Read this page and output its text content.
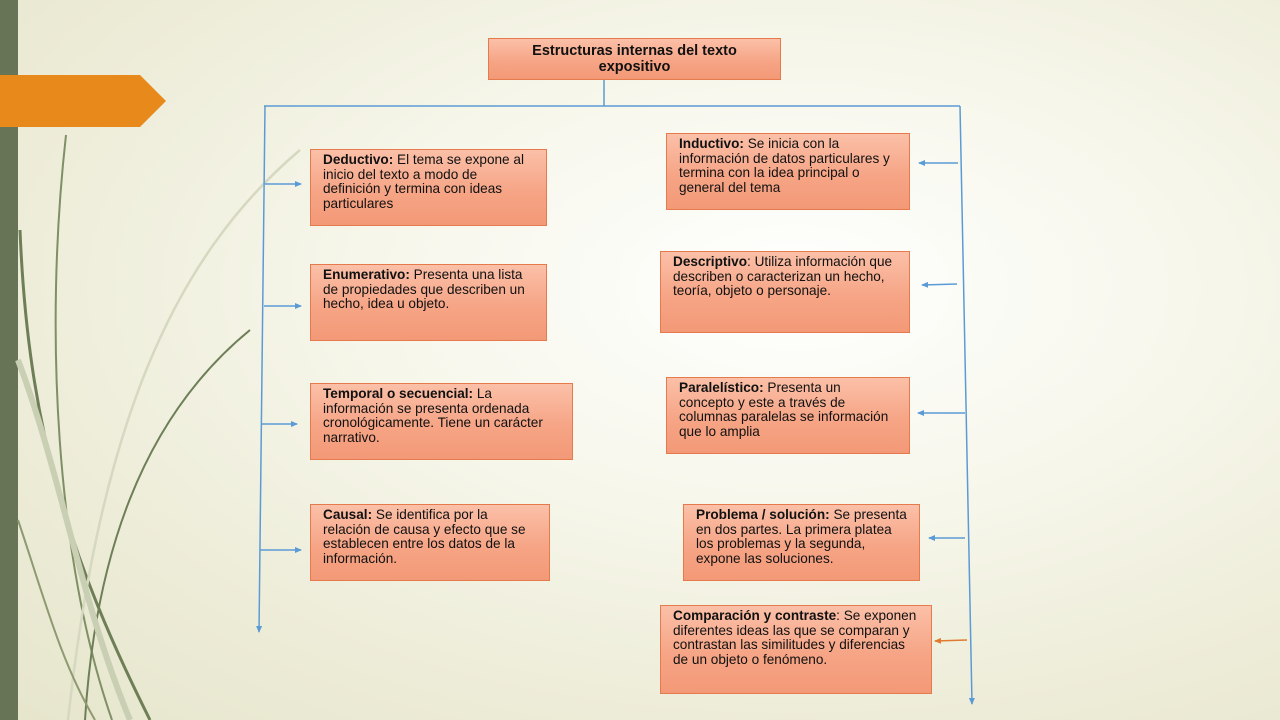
Estructuras internas del texto expositivo
Deductivo: El tema se expone al inicio del texto a modo de definición y termina con ideas particulares
Enumerativo: Presenta una lista de propiedades que describen un hecho, idea u objeto.
Temporal o secuencial: La información se presenta ordenada cronológicamente. Tiene un carácter narrativo.
Causal: Se identifica por la relación de causa y efecto que se establecen entre los datos de la información.
Inductivo: Se inicia con la información de datos particulares y termina con la idea principal o general del tema
Descriptivo: Utiliza información que describen o caracterizan un hecho, teoría, objeto o personaje.
Paralelístico: Presenta un concepto y este a través de columnas paralelas se información que lo amplia
Problema / solución: Se presenta en dos partes. La primera platea los problemas y la segunda, expone las soluciones.
Comparación y contraste: Se exponen diferentes ideas las que se comparan y contrastan las similitudes y diferencias de un objeto o fenómeno.
